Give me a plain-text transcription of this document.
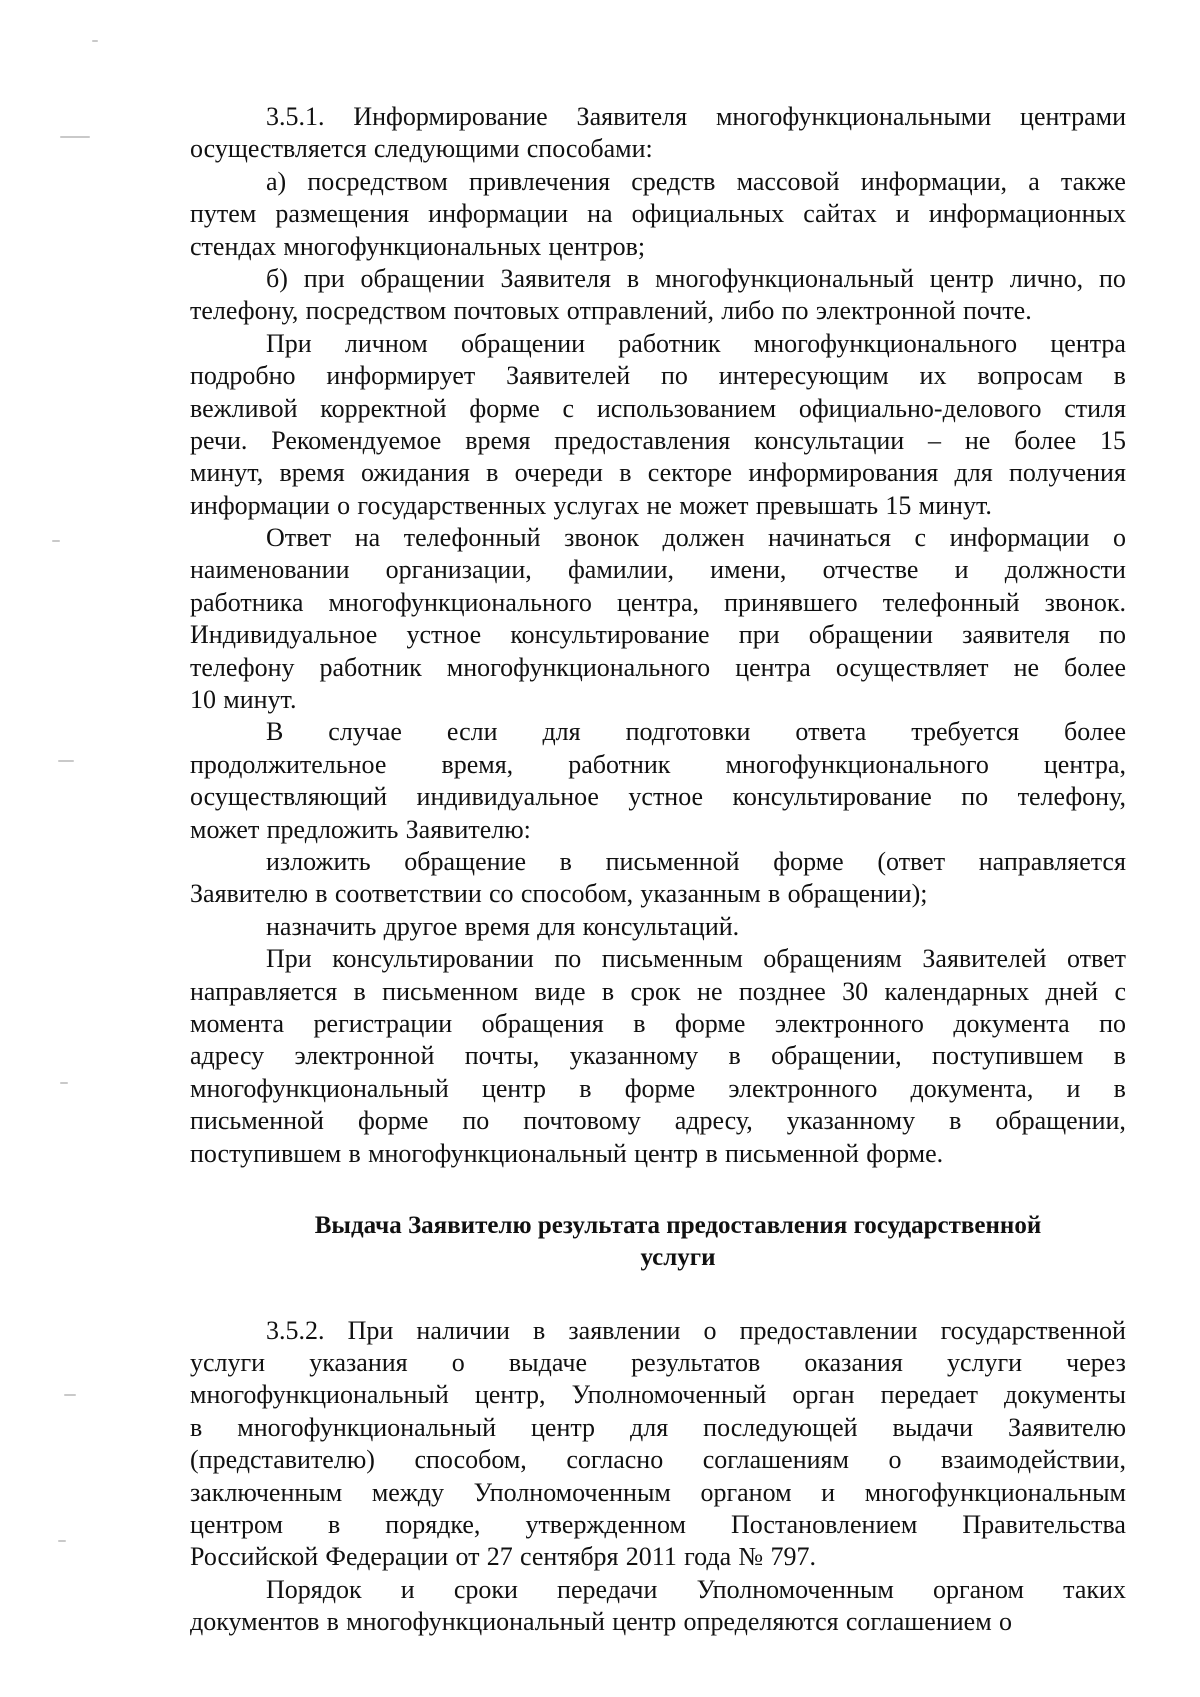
3.5.1. Информирование Заявителя многофункциональными центрами
осуществляется следующими способами:
а) посредством привлечения средств массовой информации, а также
путем размещения информации на официальных сайтах и информационных
стендах многофункциональных центров;
б) при обращении Заявителя в многофункциональный центр лично, по
телефону, посредством почтовых отправлений, либо по электронной почте.
При личном обращении работник многофункционального центра
подробно информирует Заявителей по интересующим их вопросам в
вежливой корректной форме с использованием официально-делового стиля
речи. Рекомендуемое время предоставления консультации – не более 15
минут, время ожидания в очереди в секторе информирования для получения
информации о государственных услугах не может превышать 15 минут.
Ответ на телефонный звонок должен начинаться с информации о
наименовании организации, фамилии, имени, отчестве и должности
работника многофункционального центра, принявшего телефонный звонок.
Индивидуальное устное консультирование при обращении заявителя по
телефону работник многофункционального центра осуществляет не более
10 минут.
В случае если для подготовки ответа требуется более
продолжительное время, работник многофункционального центра,
осуществляющий индивидуальное устное консультирование по телефону,
может предложить Заявителю:
изложить обращение в письменной форме (ответ направляется
Заявителю в соответствии со способом, указанным в обращении);
назначить другое время для консультаций.
При консультировании по письменным обращениям Заявителей ответ
направляется в письменном виде в срок не позднее 30 календарных дней с
момента регистрации обращения в форме электронного документа по
адресу электронной почты, указанному в обращении, поступившем в
многофункциональный центр в форме электронного документа, и в
письменной форме по почтовому адресу, указанному в обращении,
поступившем в многофункциональный центр в письменной форме.
Выдача Заявителю результата предоставления государственной
услуги
3.5.2. При наличии в заявлении о предоставлении государственной
услуги указания о выдаче результатов оказания услуги через
многофункциональный центр, Уполномоченный орган передает документы
в многофункциональный центр для последующей выдачи Заявителю
(представителю) способом, согласно соглашениям о взаимодействии,
заключенным между Уполномоченным органом и многофункциональным
центром в порядке, утвержденном Постановлением Правительства
Российской Федерации от 27 сентября 2011 года № 797.
Порядок и сроки передачи Уполномоченным органом таких
документов в многофункциональный центр определяются соглашением о
